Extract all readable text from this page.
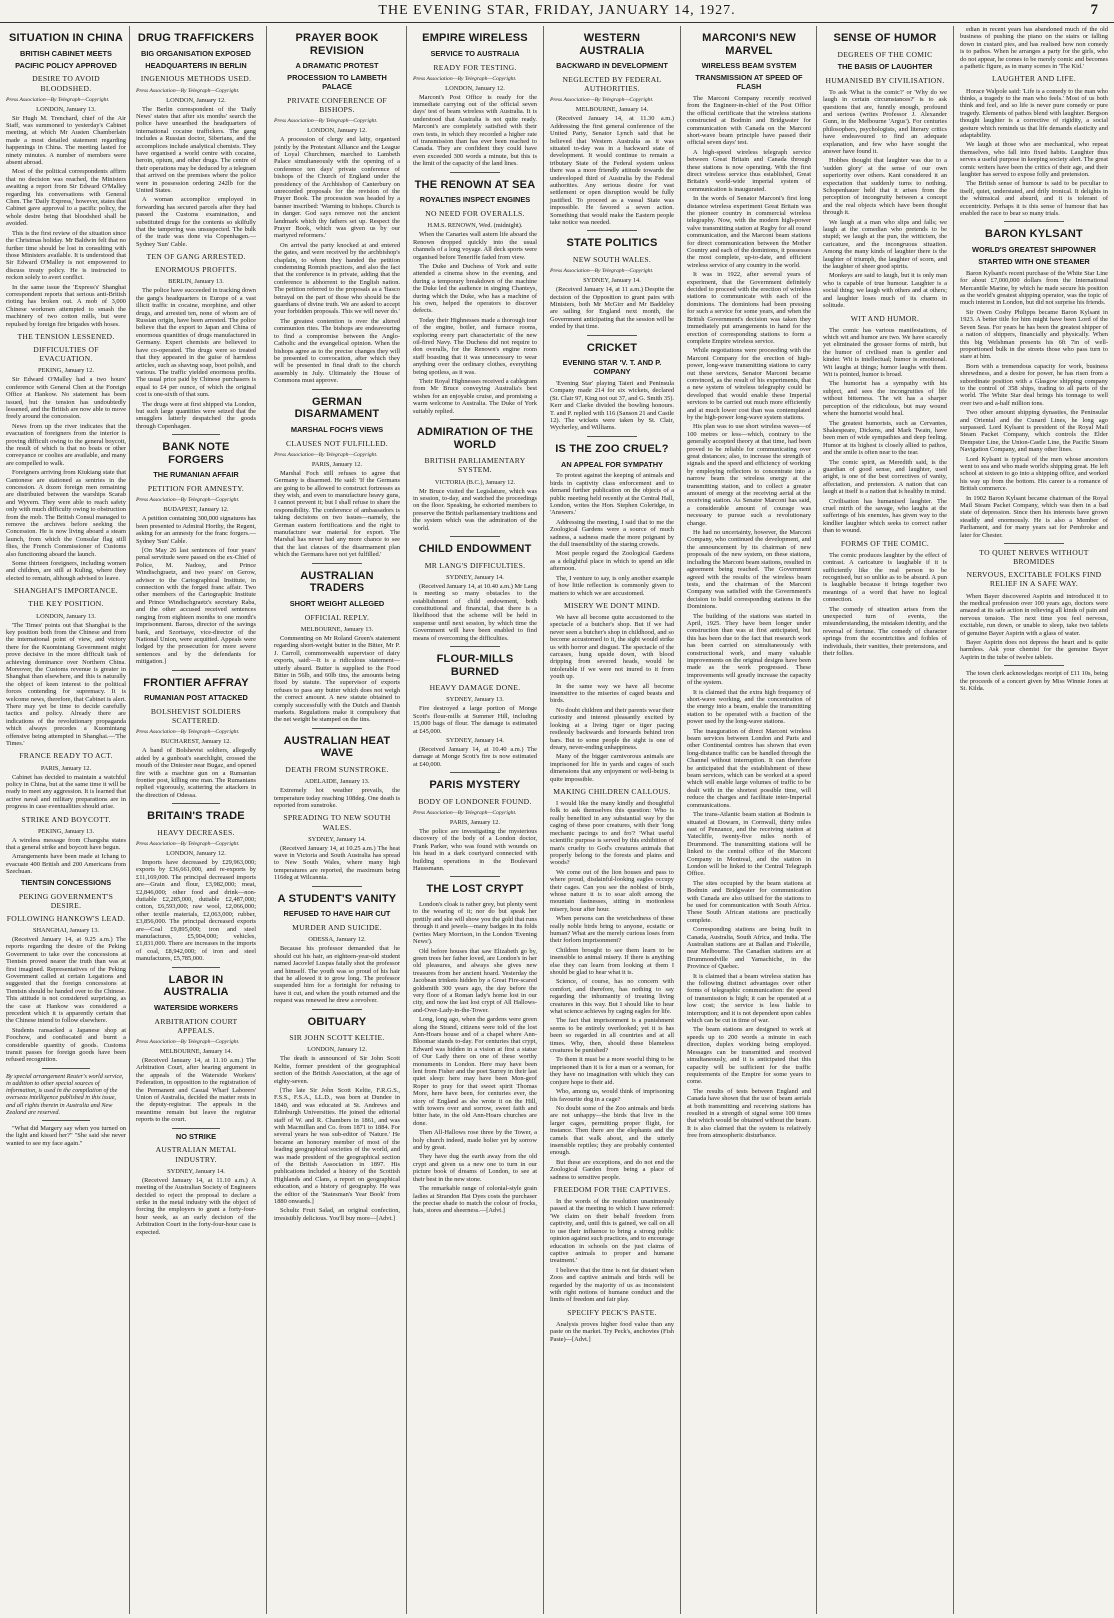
THE EVENING STAR, FRIDAY, JANUARY 14, 1927.	7
SITUATION IN CHINA
BRITISH CABINET MEETS
PACIFIC POLICY APPROVED
DESIRE TO AVOID BLOODSHED.
Press Association—By Telegraph—Copyright.
LONDON, January 13.

Sir Hugh M. Trenchard, chief of the Air Staff, was summoned to yesterday's Cabinet meeting, at which Mr Austen Chamberlain made a most detailed statement regarding happenings in China. The meeting lasted for ninety minutes. A number of members were absent abroad.

Most of the political correspondents affirm that no decision was reached, the Ministers awaiting a report from Sir Edward O'Malley regarding his conversations with General Chen. The 'Daily Express,' however, states that Cabinet gave approval to a pacific policy, the whole desire being that bloodshed shall be avoided.

This is the first review of the situation since the Christmas holiday. Mr Baldwin felt that no further time should be lost in consulting with those Ministers available. It is understood that Sir Edward O'Malley is not empowered to discuss treaty policy. He is instructed to reckon solely to avert conflict.

In the same issue the 'Express's' Shanghai correspondent reports that serious anti-British rioting has broken out. A mob of 3,000 Chinese workmen attempted to smash the machinery of two cotton mills, but were repulsed by foreign fire brigades with hoses.

THE TENSION LESSENED.
DIFFICULTIES OF EVACUATION.
PEKING, January 12.

Sir Edward O'Malley had a two hours' conference with General Chen at the Foreign Office at Hankow. No statement has been issued, but the tension has undoubtedly lessened, and the British are now able to move freely around the concession.

News from up the river indicates that the evacuation of foreigners from the interior is proving difficult owing to the general boycott, the result of which is that no boats or other conveyance or coolies are available, and many are compelled to walk.

Foreigners arriving from Kiukiang state that Cantonese are stationed as sentries in the concession. A dozen foreign men remaining are distributed between the warships Scarab and Wyvern. They were able to reach safety only with much difficulty owing to obstruction from the mob. The British Consul managed to remove the archives before seeking the Concession. He is now living aboard a steam launch, from which the Consular flag still flies, the French Commissioner of Customs also functioning aboard the launch.

Some thirteen foreigners, including women and children, are still at Kuling, where they elected to remain, although advised to leave.

SHANGHAI'S IMPORTANCE.
THE KEY POSITION.
LONDON, January 13.

'The Times' points out that Shanghai is the key position both from the Chinese and from the international point of view, and victory there for the Kuomintang Government might prove decisive in the more difficult task of achieving dominance over Northern China. Moreover, the Customs revenue is greater in Shanghai than elsewhere, and this is naturally the object of keen interest to the political forces contending for supremacy. It is welcome news, therefore, that Cabinet is alert. There may yet be time to decide carefully tactics and policy. Already there are indications of the revolutionary propaganda which always precedes a Kuomintang offensive being attempted in Shanghai.—'The Times.'

FRANCE READY TO ACT.
PARIS, January 12.

Cabinet has decided to maintain a watchful policy in China, but at the same time it will be ready to meet any aggression. It is learned that active naval and military preparations are in progress in case eventualities should arise.

STRIKE AND BOYCOTT.
PEKING, January 13.

A wireless message from Changsha states that a general strike and boycott have begun.

Arrangements have been made at Ichang to evacuate 400 British and 200 Americans from Szechuan.

TIENTSIN CONCESSIONS
PEKING GOVERNMENT'S DESIRE.
FOLLOWING HANKOW'S LEAD.
SHANGHAI, January 13.

(Received January 14, at 9.25 a.m.) The reports regarding the desire of the Peking Government to take over the concessions at Tientsin proved nearer the truth than was at first imagined. Representatives of the Peking Government called at certain Legations and suggested that the foreign concessions at Tientsin should be handed over to the Chinese. This attitude is not considered surprising, as the case at Hankow was considered a precedent which it is apparently certain that the Chinese intend to follow elsewhere.

Students ransacked a Japanese shop at Foochow, and confiscated and burnt a considerable quantity of goods. Customs transit passes for foreign goods have been refused recognition.

By special arrangement Reuter's world service, in addition to other special sources of information, is used in the compilation of the overseas intelligence published in this issue, and all rights therein in Australia and New Zealand are reserved.

"What did Margery say when you turned on the light and kissed her?" "She said she never wanted to see my face again."

DRUG TRAFFICKERS
BIG ORGANISATION EXPOSED
HEADQUARTERS IN BERLIN
INGENIOUS METHODS USED.
Press Association—By Telegraph—Copyright.
LONDON, January 12.

The Berlin correspondent of the 'Daily News' states that after six months' search the police have unearthed the headquarters of international cocaine traffickers. The gang includes a Russian doctor, Siberians, and the accomplices include analytical chemists. They have organised a world centre with cocaine, heroin, opium, and other drugs. The centre of their operations may be deduced by a telegram that arrived on the premises where the police were in possession ordering 242lb for the United States.

A woman accomplice employed in forwarding has secured parcels after they had passed the Customs examination, and substituted drugs for the contents so skilfully that the tampering was unsuspected. The bulk of the trade was done via Copenhagen.—Sydney 'Sun' Cable.

TEN OF GANG ARRESTED.
ENORMOUS PROFITS.
BERLIN, January 13.

The police have succeeded in tracking down the gang's headquarters in Europe of a vast illicit traffic in cocaine, morphine, and other drugs, and arrested ten, none of whom are of Russian origin, have been arrested. The police believe that the export to Japan and China of enormous quantities of drugs manufactured in Germany. Expert chemists are believed to have co-operated. The drugs were so treated that they appeared in the guise of harmless articles, such as shaving soap, boot polish, and various. The traffic yielded enormous profits. The usual price paid by Chinese purchasers is equal to £4 per ounce, of which the original cost is one-sixth of that sum.

The drugs were at first shipped via London, but such large quantities were seized that the smugglers latterly despatched the goods through Copenhagen.

BANK NOTE FORGERS
THE RUMANIAN AFFAIR
PETITION FOR AMNESTY.
Press Association—By Telegraph—Copyright.
BUDAPEST, January 12.

A petition containing 300,000 signatures has been presented to Admiral Horthy, the Regent, asking for an amnesty for the franc forgers.—Sydney 'Sun' Cable.

[On May 26 last sentences of four years' penal servitude were passed on the ex-Chief of Police, M. Nadosy, and Prince Windischgraetz, and two years' on Gerow, advisor to the Cartographical Institute, in connection with the forged franc affair. Two other members of the Cartographic Institute and Prince Windischgraetz's secretary Raba, and the other accused received sentences ranging from eighteen months to one month's imprisonment. Baross, director of the savings bank, and Szortsaye, vice-director of the National Union, were acquitted. Appeals were lodged by the prosecution for more severe sentences and by the defendants for mitigation.]

FRONTIER AFFRAY
RUMANIAN POST ATTACKED
BOLSHEVIST SOLDIERS SCATTERED.
Press Association—By Telegraph—Copyright.
BUCHAREST, January 12.

A band of Bolshevist soldiers, allegedly aided by a gunboat's searchlight, crossed the mouth of the Dniester near Bugaz, and opened fire with a machine gun on a Rumanian frontier post, killing one man. The Rumanians replied vigorously, scattering the attackers in the direction of Odessa.

BRITAIN'S TRADE
HEAVY DECREASES.
Press Association—By Telegraph—Copyright.
LONDON, January 12.

Imports have decreased by £29,963,000; exports by £36,661,000, and re-exports by £11,169,000. The principal decreased imports are—Grain and flour, £3,982,000; meat, £2,846,000; other food and drink—non-dutiable £2,285,000, dutiable £2,487,000; cotton, £6,593,000; raw wool, £2,066,000; other textile materials, £2,063,000; rubber, £3,856,000. The principal decreased exports are—Coal £9,895,000; iron and steel manufactures, £5,904,000; vehicles, £1,831,000. There are increases in the imports of coal, £8,942,000; of iron and steel manufactures, £5,785,000.

LABOR IN AUSTRALIA
WATERSIDE WORKERS
ARBITRATION COURT APPEALS.
Press Association—By Telegraph—Copyright.
MELBOURNE, January 14.

(Received January 14, at 11.10 a.m.) The Arbitration Court, after hearing argument in the appeals of the Waterside Workers' Federation, in opposition to the registration of the Permanent and Casual Wharf Laborers' Union of Australia, decided the matter rests in the deputy-registrar. The appeals in the meantime remain but leave the registrar reports to the court.

NO STRIKE
AUSTRALIAN METAL INDUSTRY.
SYDNEY, January 14.

(Received January 14, at 11.10 a.m.) A meeting of the Australian Society of Engineers decided to reject the proposal to declare a strike in the metal industry with the object of forcing the employers to grant a forty-four-hour week, as an early decision of the Arbitration Court in the forty-four-hour case is expected.

PRAYER BOOK REVISION
A DRAMATIC PROTEST
PROCESSION TO LAMBETH PALACE
PRIVATE CONFERENCE OF BISHOPS.
Press Association—By Telegraph—Copyright.
LONDON, January 12.

A procession of clergy and laity, organised jointly by the Protestant Alliance and the League of Loyal Churchmen, marched to Lambeth Palace simultaneously with the opening of a conference ten days' private conference of bishops of the Church of England under the presidency of the Archbishop of Canterbury on unrecorded proposals for the revision of the Prayer Book. The procession was headed by a banner inscribed: 'Warning to bishops. Church is in danger. God says remove not the ancient landmark which thy fathers set up. Respect the Prayer Book, which was given us by our martyred reformers.'

On arrival the party knocked at and entered the gates, and were received by the archbishop's chaplain, to whom they handed the petition condemning Romish practices, and also the fact that the conference is in private, adding that the conference is abhorrent to the English nation. The petition referred to the proposals as a 'fiasco betrayal on the part of those who should be the guardians of divine truth. We are asked to accept your forbidden proposals. This we will never do.'

The greatest contention is over the altered communion rites. The bishops are endeavouring to find a compromise between the Anglo-Catholic and the evangelical opinion. When the bishops agree as to the precise changes they will be presented to convocation, after which they will be presented in final draft to the church assembly in July. Ultimately the House of Commons must approve.

GERMAN DISARMAMENT
MARSHAL FOCH'S VIEWS
CLAUSES NOT FULFILLED.
Press Association—By Telegraph—Copyright.
PARIS, January 12.

Marshal Foch still refuses to agree that Germany is disarmed. He said: 'If the Germans are going to be allowed to construct fortresses as they wish, and even to manufacture heavy guns, I cannot prevent it; but I shall refuse to share the responsibility. The conference of ambassadors is taking decisions on two issues—namely, the German eastern fortifications and the right to manufacture war material for export. The Marshal has never had any more chance to see that the last clauses of the disarmament plan which the Germans have not yet fulfilled.'

AUSTRALIAN TRADERS
SHORT WEIGHT ALLEGED
OFFICIAL REPLY.
MELBOURNE, January 13.

Commenting on Mr Roland Green's statement regarding short-weight butter in the Bitter, Mr P. J. Carroll, commonwealth supervisor of dairy exports, said:—It is a ridiculous statement—utterly absurd. Butter is supplied to the Food Bitter in 56lb, and 60lb tins, the amounts being fixed by statute. The supervisor of exports refuses to pass any butter which does not weigh the correct amount. A new statute obtained to comply successfully with the Dutch and Danish markets. Regulations make it compulsory that the net weight be stamped on the tins.

AUSTRALIAN HEAT WAVE
DEATH FROM SUNSTROKE.
ADELAIDE, January 13.

Extremely hot weather prevails, the temperature today reaching 108deg. One death is reported from sunstroke.

SPREADING TO NEW SOUTH WALES.
SYDNEY, January 14.

(Received January 14, at 10.25 a.m.) The heat wave in Victoria and South Australia has spread to New South Wales, where many high temperatures are reported, the maximum being 116deg at Wilcannia.

A STUDENT'S VANITY
REFUSED TO HAVE HAIR CUT
MURDER AND SUICIDE.
ODESSA, January 12.

Because his professor demanded that he should cut his hair, an eighteen-year-old student named Jacovlef Luspas fatally shot the professor and himself. The youth was so proud of his hair that he allowed it to grow long. The professor suspended him for a fortnight for refusing to have it cut, and when the youth returned and the request was renewed he drew a revolver.

OBITUARY
SIR JOHN SCOTT KELTIE.
LONDON, January 12.

The death is announced of Sir John Scott Keltie, former president of the geographical section of the British Association, at the age of eighty-seven.

[The late Sir John Scott Keltie, F.R.G.S., F.S.S., F.S.A., LL.D., was born at Dundee in 1840, and was educated at St. Andrews and Edinburgh Universities. He joined the editorial staff of W. and R. Chambers in 1861, and was with Macmillan and Co. from 1871 to 1884. For several years he was sub-editor of 'Nature.' He became an honorary member of most of the leading geographical societies of the world, and was made president of the geographical section of the British Association in 1897. His publications included a history of the Scottish Highlands and Clans, a report on geographical education, and a history of geography. He was the editor of the 'Statesman's Year Book' from 1880 onwards.]

Schultz Fruit Salad, an original confection, irresistibly delicious. You'll buy more—[Advt.]

EMPIRE WIRELESS
SERVICE TO AUSTRALIA
READY FOR TESTING.
Press Association—By Telegraph—Copyright.
LONDON, January 12.

Marconi's Post Office is ready for the immediate carrying out of the official seven days' test of beam wireless with Australia. It is understood that Australia is not quite ready. Marconi's are completely satisfied with their own tests, in which they recorded a higher rate of transmission than has ever been reached to Canada. They are confident they could have even exceeded 300 words a minute, but this is the limit of the capacity of the land lines.

THE RENOWN AT SEA
ROYALTIES INSPECT ENGINES
NO NEED FOR OVERALLS.
H.M.S. RENOWN, Wed. (midnight).

When the Canaries wall astern life aboard the Renown dropped quickly into the usual channels of a long voyage. All deck sports were organised before Teneriffe faded from view.

The Duke and Duchess of York and suite attended a cinema show in the evening, and during a temporary breakdown of the machine the Duke led the audience in singing Chanteys, during which the Duke, who has a machine of his own, helped the operators to discover defects.

Today their Highnesses made a thorough tour of the engine, boiler, and furnace rooms, exploring every part characteristic of the new oil-fired Navy. The Duchess did not require to don overalls, for the Renown's engine room staff boasting that it was unnecessary to wear anything over the ordinary clothes, everything being spotless, as it was.

Their Royal Highnesses received a cablegram from Mr Bruce conveying Australia's best wishes for an enjoyable cruise, and promising a warm welcome to Australia. The Duke of York suitably replied.

ADMIRATION OF THE WORLD
BRITISH PARLIAMENTARY SYSTEM.
VICTORIA (B.C.), January 12.

Mr Bruce visited the Legislature, which was in session, to-day, and watched the proceedings on the floor. Speaking, he exhorted members to preserve the British parliamentary traditions and the system which was the admiration of the world.

CHILD ENDOWMENT
MR LANG'S DIFFICULTIES.
SYDNEY, January 14.

(Received January 14, at 10.40 a.m.) Mr Lang is meeting so many obstacles to the establishment of child endowment, both constitutional and financial, that there is a likelihood that the scheme will be held in suspense until next session, by which time the Government will have been enabled to find means of overcoming the difficulties.

FLOUR-MILLS BURNED
HEAVY DAMAGE DONE.
SYDNEY, January 13.

Fire destroyed a large portion of Monge Scott's flour-mills at Summer Hill, including 15,000 bags of flour. The damage is estimated at £45,000.

SYDNEY, January 14.

(Received January 14, at 10.40 a.m.) The damage at Monge Scott's fire is now estimated at £40,000.

PARIS MYSTERY
BODY OF LONDONER FOUND.
Press Association—By Telegraph—Copyright.
PARIS, January 12.

The police are investigating the mysterious discovery of the body of a London doctor, Frank Parker, who was found with wounds on his head in a dark courtyard connected with building operations in the Boulevard Haussmann.

THE LOST CRYPT

London's cloak is rather grey, but plenty went to the wearing of it; nor do but speak her prettily and she will show you the gold that runs through it and jewels—many badges in its folds (writes Mary Morrison, in the London 'Evening News').

Old before houses that saw Elizabeth go by, green trees her father loved, are London's in her old pleasures, and always she gives new treasures from her ancient hoard. Yesterday the Jacobean trinkets hidden by a Great Fire-scared goldsmith 300 years ago, the day before the very floor of a Roman lady's home lost in our city, and now the last lost crypt of All Hallows-and-Over-Lady-in-the-Tower.

Long, long ago, when the gardens were green along the Strand, citizens were told of the lost Ann-Hoars house and of a chapel where Ann-Bloomar stands to-day. For centuries that crypt, Edward was hidden in a vision at first a statue of Our Lady there on one of these worthy monuments in London. Here may have been lent from Fisher and the poet Surrey in their last quiet sleep: here may have been Mon-geof Roper to pray for that sweet spirit Thomas More, here have been, for centuries ever, the story of England as she wrote it on the Hill, with towers over and sorrow, sweet faith and bitter hate, in the old Ann-Hoars churches are done.

Then All-Hallows rose three by the Tower, a holy church indeed, made holier yet by sorrow and by great.

They have dug the earth away from the old crypt and given us a new one to turn in our picture book of dreams of London, to see at their best in the new stone.

The remarkable range of colonial-style grain ladies at Strandon Hat Dyes costs the purchaser the precise shade to match the colour of frocks, hats, stores and sheerness.—[Advt.]

WESTERN AUSTRALIA
BACKWARD IN DEVELOPMENT
NEGLECTED BY FEDERAL AUTHORITIES.
Press Association—By Telegraph—Copyright.
MELBOURNE, January 14.

(Received January 14, at 11.30 a.m.) Addressing the first general conference of the United Party, Senator Lynch said that he believed that Western Australia as it was situated to-day was in a backward state of development. It would continue to remain a tributary State of the Federal system unless there was a more friendly attitude towards the undeveloped third of Australia by the Federal authorities. Any serious desire for vast settlement or open disruption would be fully justified. To proceed as a vassal State was impossible. He favored a seven action. Something that would make the Eastern people take notice was needed.

STATE POLITICS
NEW SOUTH WALES.
Press Association—By Telegraph—Copyright.
SYDNEY, January 14.

(Received January 14, at 11 a.m.) Despite the decision of the Opposition to grant pairs with Ministers, both Mr McGirr and Mr Baddeley are sailing for England next month, the Government anticipating that the session will be ended by that time.

CRICKET
EVENING STAR 'V. T. AND P. COMPANY

'Evening Star' playing Taieri and Peninsula Company made 214 for six wickets, declared (St. Clair 97, King not out 37, and G. Smith 35). Kerr and Clarke divided the bowling honours. T. and P. replied with 116 (Sanson 21 and Castle 12). The wickets were taken by St. Clair, Wycherley, and Williams.

IS THE ZOO CRUEL?
AN APPEAL FOR SYMPATHY

To protest against the keeping of animals and birds in captivity class enforcement and to demand further publication on the objects of a public meeting held recently at the Central Hall, London, writes the Hon. Stephen Coleridge, in 'Answers.'

Addressing the meeting, I said that to me the Zoological Gardens were a source of much sadness, a sadness made the more poignant by the dull insensibility of the staring crowds.

Most people regard the Zoological Gardens as a delightful place in which to spend an idle afternoon.

The, I venture to say, is only another example of how little reflection is commonly given to matters to which we are accustomed.

MISERY WE DON'T MIND.

We have all become quite accustomed to the spectacle of a butcher's shop. But if we had never seen a butcher's shop in childhood, and so become accustomed to it, the sight would strike us with horror and disgust. The spectacle of the carcases, hung upside down, with blood dripping from severed heads, would be intolerable if we were not inured to it from youth up.

In the same way we have all become insensitive to the miseries of caged beasts and birds.

No doubt children and their parents wear their curiosity and interest pleasantly excited by looking at a living tiger or tiger pacing restlessly backwards and forwards behind iron bars. But to some people the sight is one of dreary, never-ending unhappiness.

Many of the bigger carnivorous animals are imprisoned for life in yards and cages of such dimensions that any enjoyment or well-being is quite impossible.

MAKING CHILDREN CALLOUS.

I would like the many kindly and thoughtful folk to ask themselves this question: Who is really benefited in any substantial way by the caging of these poor creatures, with their 'long mechanic pacings to and fro'? 'What useful scientific purpose is served by this exhibition of man's cruelty to God's creatures animals that properly belong to the forests and plains and woods?

We come out of the lion houses and pass to where proud, disdainful-looking eagles occupy their cages. Can you see the noblest of birds, whose nature it is to soar aloft among the mountain fastnesses, sitting in motionless misery, hour after hour.

When persons can the wretchedness of these really noble birds bring to anyone, ecstatic or human? What are the merely curious loses from their forlorn imprisonment?

Children brought to see them learn to be insensible to animal misery. If there is anything else they can learn from looking at them I should be glad to hear what it is.

Science, of course, has no concern with comfort, and therefore, has nothing to say regarding the inhumanity of treating living creatures in this way. But I should like to hear what science achieves by caging eagles for life.

The fact that imprisonment is a punishment seems to be entirely overlooked; yet it is has been so regarded in all countries and at all times. Why, then, should these blameless creatures be punished?

To them it must be a more woeful thing to be imprisoned than it is for a man or a woman, for they have no imagination with which they can conjure hope to their aid.

Who, among us, would think of imprisoning his favourite dog in a cage?

No doubt some of the Zoo animals and birds are not unhappy—the birds that live in the larger cages, permitting proper flight, for instance. Then there are the elephants and the camels that walk about, and the utterly insensible reptiles; they are probably contented enough.

But these are exceptions, and do not end the Zoological Garden from being a place of sadness to sensitive people.

FREEDOM FOR THE CAPTIVES.

In the words of the resolution unanimously passed at the meeting to which I have referred: 'We claim on their behalf freedom from captivity, and, until this is gained, we call on all to use their influence to bring a strong public opinion against such practices, and to encourage education in schools on the just claims of captive animals to proper and humane treatment.'

I believe that the time is not far distant when Zoos and captive animals and birds will be regarded by the majority of us as inconsistent with right notions of humane conduct and the limits of freedom and fair play.

SPECIFY PECK'S PASTE.

Analysis proves higher food value than any paste on the market. Try Peck's, anchovies (Fish Paste)—[Advt.]

MARCONI'S NEW MARVEL
WIRELESS BEAM SYSTEM
TRANSMISSION AT SPEED OF FLASH

The Marconi Company recently received from the Engineer-in-chief of the Post Office the official certificate that the wireless stations constructed at Bodmin and Bridgwater for communication with Canada on the Marconi short-wave beam principle have passed their official seven days' test.

A high-speed wireless telegraph service between Great Britain and Canada through these stations is now operating. With the first direct wireless service thus established, Great Britain's world-wide imperial system of communication is inaugurated.

In the words of Senator Marconi's first long distance wireless experiment Great Britain was the pioneer country in commercial wireless telegraphy. Now, with the modern high-power valve transmitting station at Rugby for all round communication, and the Marconi beam stations for direct communication between the Mother Country and each of the dominions, it possesses the most complete, up-to-date, and efficient wireless service of any country in the world.

It was in 1922, after several years of experiment, that the Government definitely decided to proceed with the erection of wireless stations to communicate with each of the dominions. The dominions had been pressing for such a service for some years, and when the British Government's decision was taken they immediately put arrangements in hand for the erection of corresponding stations to form a complete Empire wireless service.

While negotiations were proceeding with the Marconi Company for the erection of high-power, long-wave transmitting stations to carry out these services, Senator Marconi became convinced, as the result of his experiments, that a new system of wireless telegraphy could be developed that would enable these Imperial services to be carried out much more efficiently and at much lower cost than was contemplated by the high-power long-wave system stations.

His plan was to use short wireless waves—of 100 metres or less—which, contrary to the generally accepted theory at that time, had been proved to be reliable for communicating over great distances; also, to increase the strength of signals and the speed and efficiency of working by employing reflectors to concentrate into a narrow beam the wireless energy at the transmitting station, and to collect a greater amount of energy at the receiving aerial at the receiving station. As Senator Marconi has said, a considerable amount of courage was necessary to pursue such a revolutionary change.

He had no uncertainty, however, the Marconi Company, who continued the development, and the announcement by its chairman of new proposals of the new system, on these stations, including the Marconi beam stations, resulted in agreement being reached. The Government agreed with the results of the wireless beam tests, and the chairman of the Marconi Company was satisfied with the Government's decision to build corresponding stations in the Dominions.

The building of the stations was started in April, 1925. They have been longer under construction than was at first anticipated, but this has been due to the fact that research work has been carried on simultaneously with constructional work, and many valuable improvements on the original designs have been made as the work progressed. These improvements will greatly increase the capacity of the system.

It is claimed that the extra high frequency of short-wave working, and the concentration of the energy into a beam, enable the transmitting station to be operated with a fraction of the power used by the long-wave stations.

The inauguration of direct Marconi wireless beam services between London and Paris and other Continental centres has shown that even long-distance traffic can be handled through the Channel without interruption. It can therefore be anticipated that the establishment of these beam services, which can be worked at a speed which will enable large volumes of traffic to be dealt with in the shortest possible time, will reduce the charges and facilitate inter-Imperial communications.

The trans-Atlantic beam station at Bodmin is situated at Dowarn, in Cornwall, thirty miles east of Penzance, and the receiving station at Yatecliffe, twenty-five miles north of Drummond. The transmitting stations will be linked to the central office of the Marconi Company in Montreal, and the station in London will be linked to the Central Telegraph Office.

The sites occupied by the beam stations at Bodmin and Bridgwater for communication with Canada are also utilised for the stations to be used for communication with South Africa. These South African stations are practically complete.

Corresponding stations are being built in Canada, Australia, South Africa, and India. The Australian stations are at Ballan and Fiskville, near Melbourne. The Canadian stations are at Drummondville and Yamachiche, in the Province of Quebec.

It is claimed that a beam wireless station has the following distinct advantages over other forms of telegraphic communication: the speed of transmission is high; it can be operated at a low cost; the service is less liable to interruption; and it is not dependent upon cables which can be cut in time of war.

The beam stations are designed to work at speeds up to 200 words a minute in each direction, duplex working being employed. Messages can be transmitted and received simultaneously, and it is anticipated that this capacity will be sufficient for the traffic requirements of the Empire for some years to come.

The results of tests between England and Canada have shown that the use of beam aerials at both transmitting and receiving stations has resulted in a strength of signal some 100 times that which would be obtained without the beam. It is also claimed that the system is relatively free from atmospheric disturbance.

SENSE OF HUMOR
DEGREES OF THE COMIC
THE BASIS OF LAUGHTER
HUMANISED BY CIVILISATION.

To ask 'What is the comic?' or 'Why do we laugh in certain circumstances?' is to ask questions that are, funnily enough, profound and serious (writes Professor J. Alexander Gunn, in the Melbourne 'Argus'). For centuries philosophers, psychologists, and literary critics have endeavoured to find an adequate explanation, and few who have sought the answer have found it.

Hobbes thought that laughter was due to a 'sudden glory' at the sense of our own superiority over others. Kant considered it an expectation that suddenly turns to nothing. Schopenhauer held that it arises from the perception of incongruity between a concept and the real objects which have been thought through it.

We laugh at a man who slips and falls; we laugh at the comedian who pretends to be stupid; we laugh at the pun, the witticism, the caricature, and the incongruous situation. Among the many kinds of laughter there is the laughter of triumph, the laughter of scorn, and the laughter of sheer good spirits.

Monkeys are said to laugh, but it is only man who is capable of true humour. Laughter is a social thing; we laugh with others and at others; and laughter loses much of its charm in solitude.

WIT AND HUMOR.

The comic has various manifestations, of which wit and humor are two. We have scarcely yet eliminated the grosser forms of mirth, but the humor of civilised man is gentler and kinder. Wit is intellectual; humor is emotional. Wit laughs at things; humor laughs with them. Wit is pointed, humor is broad.

The humorist has a sympathy with his subject, and sees the incongruities of life without bitterness. The wit has a sharper perception of the ridiculous, but may wound where the humorist would heal.

The greatest humorists, such as Cervantes, Shakespeare, Dickens, and Mark Twain, have been men of wide sympathies and deep feeling. Humor at its highest is closely allied to pathos, and the smile is often near to the tear.

The comic spirit, as Meredith said, is the guardian of good sense, and laughter, used aright, is one of the best correctives of vanity, affectation, and pretension. A nation that can laugh at itself is a nation that is healthy in mind.

Civilisation has humanised laughter. The cruel mirth of the savage, who laughs at the sufferings of his enemies, has given way to the kindlier laughter which seeks to correct rather than to wound.

FORMS OF THE COMIC.

The comic produces laughter by the effect of contrast. A caricature is laughable if it is sufficiently like the real person to be recognised, but so unlike as to be absurd. A pun is laughable because it brings together two meanings of a word that have no logical connection.

The comedy of situation arises from the unexpected turn of events, the misunderstanding, the mistaken identity, and the reversal of fortune. The comedy of character springs from the eccentricities and foibles of individuals, their vanities, their pretensions, and their follies.

edian in recent years has abandoned much of the old business of pushing the piano on the stairs or falling down in custard pies, and has realised how non comedy is to pathos. When he arranges a party for the girls, who do not appear, he comes to be merely comic and becomes a pathetic figure, as in many scenes in 'The Kid.'

LAUGHTER AND LIFE.

Horace Walpole said: 'Life is a comedy to the man who thinks, a tragedy to the man who feels.' Most of us both think and feel, and so life is never pure comedy or pure tragedy. Elements of pathos blend with laughter. Bergson thought laughter is a corrective of rigidity, a social gesture which reminds us that life demands elasticity and adaptability.

We laugh at those who are mechanical, who repeat themselves, who fall into fixed habits. Laughter thus serves a useful purpose in keeping society alert. The great comic writers have been the critics of their age, and their laughter has served to expose folly and pretension.

The British sense of humour is said to be peculiar to itself, quiet, understated, and drily ironical. It delights in the whimsical and absurd, and it is tolerant of eccentricity. Perhaps it is this sense of humour that has enabled the race to bear so many trials.

BARON KYLSANT
WORLD'S GREATEST SHIPOWNER
STARTED WITH ONE STEAMER

Baron Kylsant's recent purchase of the White Star Line for about £7,000,000 dollars from the International Mercantile Marine, by which he made secure his position as the world's greatest shipping operator, was the topic of much interest in London, but did not surprise his friends.

Sir Owen Cosby Philipps became Baron Kylsant in 1923. A better title for him might have been Lord of the Seven Seas. For years he has been the greatest shipper of a nation of shippers, financially and physically. When this big Welshman presents his 6ft 7in of well-proportioned bulk in the streets those who pass turn to stare at him.

Born with a tremendous capacity for work, business shrewdness, and a desire for power, he has risen from a subordinate position with a Glasgow shipping company to the control of 358 ships, trading to all parts of the world. The White Star deal brings his tonnage to well over two and a-half million tons.

Two other amount shipping dynasties, the Peninsular and Oriental and the Cunard Lines, he long ago surpassed. Lord Kylsant is president of the Royal Mail Steam Packet Company, which controls the Elder Dempster Line, the Union-Castle Line, the Pacific Steam Navigation Company, and many other lines.

Lord Kylsant is typical of the men whose ancestors went to sea and who made world's shipping great. He left school at sixteen to go into a shipping office, and worked his way up from the bottom. His career is a romance of British commerce.

In 1902 Baron Kylsant became chairman of the Royal Mail Steam Packet Company, which was then in a bad state of depression. Since then his interests have grown steadily and enormously. He is also a Member of Parliament, and for many years sat for Pembroke and later for Chester.

TO QUIET NERVES WITHOUT BROMIDES
NERVOUS, EXCITABLE FOLKS FIND RELIEF IN A SAFE WAY.

When Bayer discovered Aspirin and introduced it to the medical profession over 100 years ago, doctors were amazed at its safe action in relieving all kinds of pain and nervous tension. The next time you feel nervous, excitable, run down, or unable to sleep, take two tablets of genuine Bayer Aspirin with a glass of water.

Bayer Aspirin does not depress the heart and is quite harmless. Ask your chemist for the genuine Bayer Aspirin in the tube of twelve tablets.

The town clerk acknowledges receipt of £11 10s, being the proceeds of a concert given by Miss Winnie Jones at St. Kilda.
